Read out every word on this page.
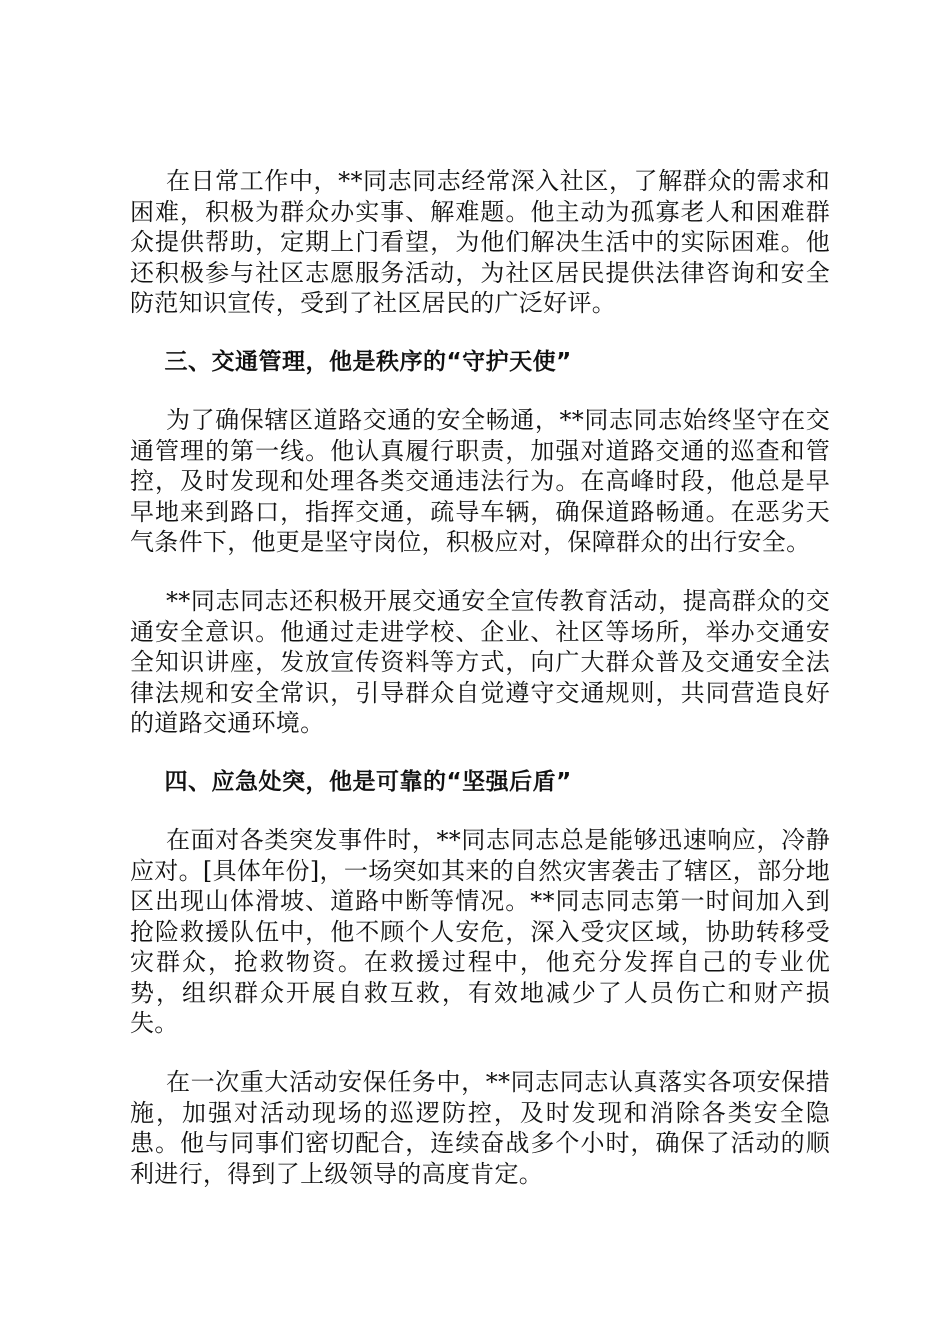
在日常工作中，**同志同志经常深入社区，了解群众的需求和困难，积极为群众办实事、解难题。他主动为孤寡老人和困难群众提供帮助，定期上门看望，为他们解决生活中的实际困难。他还积极参与社区志愿服务活动，为社区居民提供法律咨询和安全防范知识宣传，受到了社区居民的广泛好评。

三、交通管理，他是秩序的“守护天使”

为了确保辖区道路交通的安全畅通，**同志同志始终坚守在交通管理的第一线。他认真履行职责，加强对道路交通的巡查和管控，及时发现和处理各类交通违法行为。在高峰时段，他总是早早地来到路口，指挥交通，疏导车辆，确保道路畅通。在恶劣天气条件下，他更是坚守岗位，积极应对，保障群众的出行安全。

**同志同志还积极开展交通安全宣传教育活动，提高群众的交通安全意识。他通过走进学校、企业、社区等场所，举办交通安全知识讲座，发放宣传资料等方式，向广大群众普及交通安全法律法规和安全常识，引导群众自觉遵守交通规则，共同营造良好的道路交通环境。

四、应急处突，他是可靠的“坚强后盾”

在面对各类突发事件时，**同志同志总是能够迅速响应，冷静应对。[具体年份]，一场突如其来的自然灾害袭击了辖区，部分地区出现山体滑坡、道路中断等情况。**同志同志第一时间加入到抢险救援队伍中，他不顾个人安危，深入受灾区域，协助转移受灾群众，抢救物资。在救援过程中，他充分发挥自己的专业优势，组织群众开展自救互救，有效地减少了人员伤亡和财产损失。

在一次重大活动安保任务中，**同志同志认真落实各项安保措施，加强对活动现场的巡逻防控，及时发现和消除各类安全隐患。他与同事们密切配合，连续奋战多个小时，确保了活动的顺利进行，得到了上级领导的高度肯定。
